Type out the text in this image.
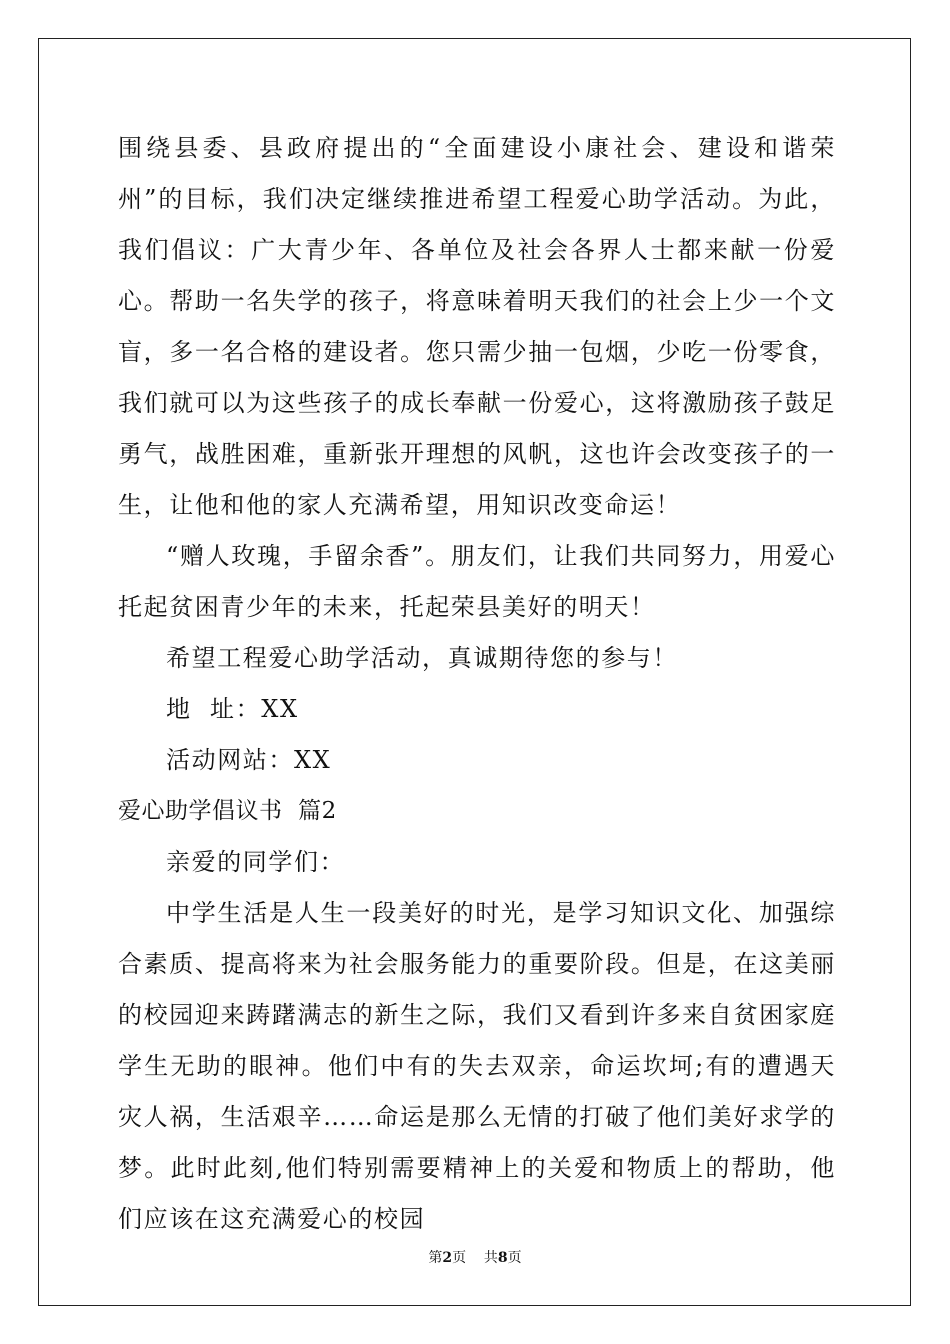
围绕县委、县政府提出的“全面建设小康社会、建设和谐荣州”的目标，我们决定继续推进希望工程爱心助学活动。为此，我们倡议：广大青少年、各单位及社会各界人士都来献一份爱心。帮助一名失学的孩子，将意味着明天我们的社会上少一个文盲，多一名合格的建设者。您只需少抽一包烟，少吃一份零食，我们就可以为这些孩子的成长奉献一份爱心，这将激励孩子鼓足勇气，战胜困难，重新张开理想的风帆，这也许会改变孩子的一生，让他和他的家人充满希望，用知识改变命运！

“赠人玫瑰，手留余香”。朋友们，让我们共同努力，用爱心托起贫困青少年的未来，托起荣县美好的明天！

希望工程爱心助学活动，真诚期待您的参与！

地  址：XX

活动网站：XX

爱心助学倡议书  篇2

亲爱的同学们：

中学生活是人生一段美好的时光，是学习知识文化、加强综合素质、提高将来为社会服务能力的重要阶段。但是，在这美丽的校园迎来踌躇满志的新生之际，我们又看到许多来自贫困家庭学生无助的眼神。他们中有的失去双亲，命运坎坷;有的遭遇天灾人祸，生活艰辛……命运是那么无情的打破了他们美好求学的梦。此时此刻,他们特别需要精神上的关爱和物质上的帮助，他们应该在这充满爱心的校园

第2页 共8页
